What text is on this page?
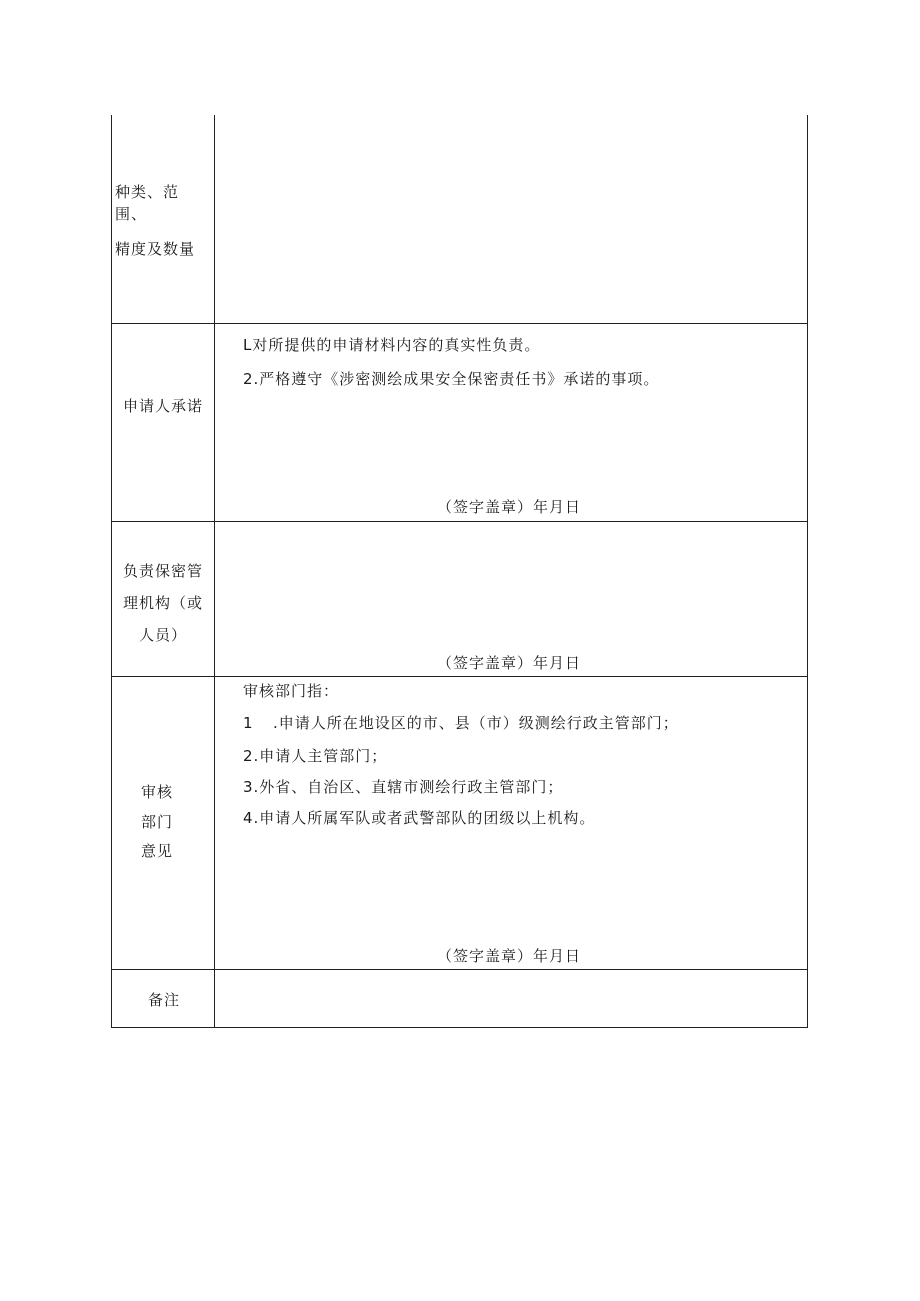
种类、范
围、
精度及数量
申请人承诺
L对所提供的申请材料内容的真实性负责。
2.严格遵守《涉密测绘成果安全保密责任书》承诺的事项。
（签字盖章）年月日
负责保密管
理机构（或
人员）
（签字盖章）年月日
审核
部门
意见
审核部门指：
1 .申请人所在地设区的市、县（市）级测绘行政主管部门；
2.申请人主管部门；
3.外省、自治区、直辖市测绘行政主管部门；
4.申请人所属军队或者武警部队的团级以上机构。
（签字盖章）年月日
备注
